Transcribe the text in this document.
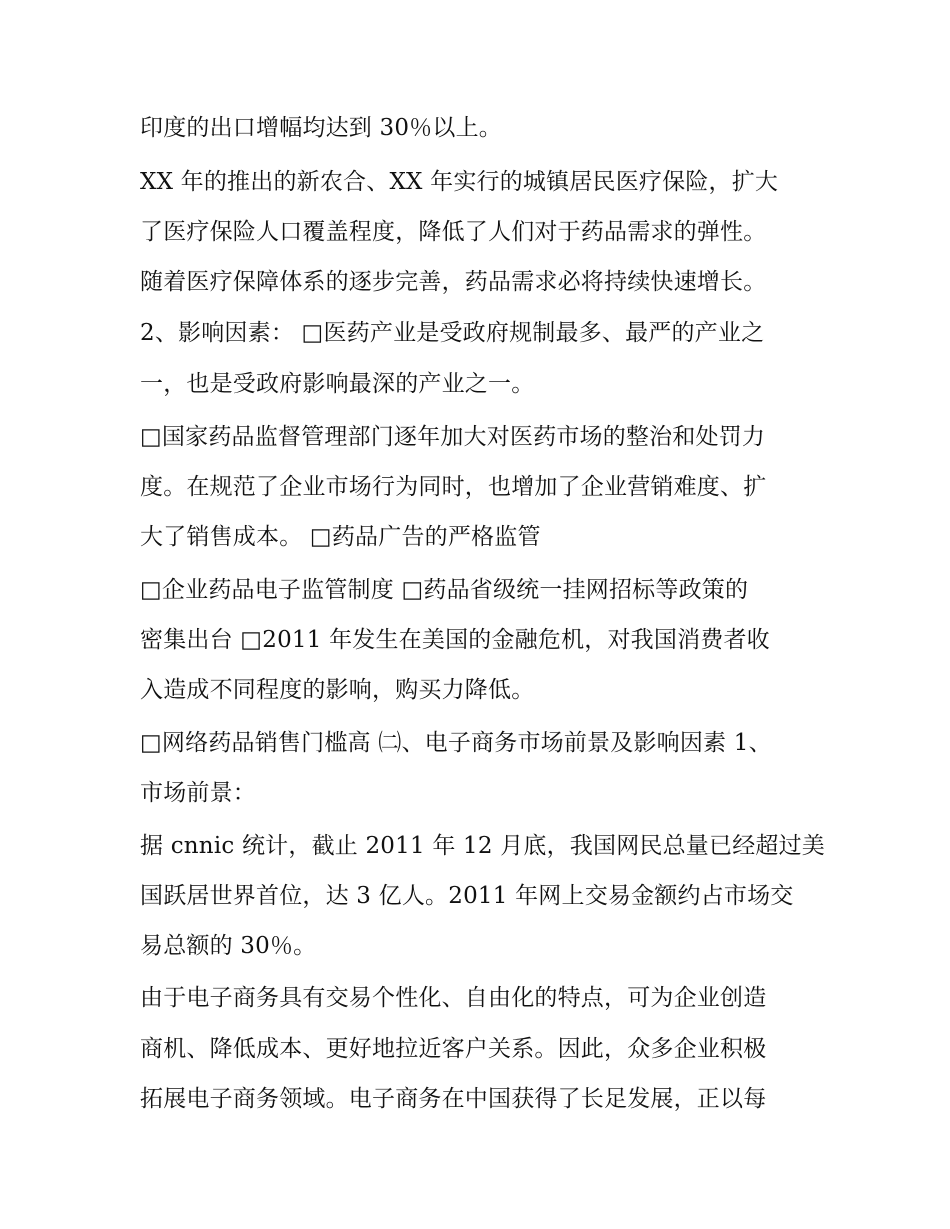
印度的出口增幅均达到 30％以上。
XX 年的推出的新农合、XX 年实行的城镇居民医疗保险，扩大
了医疗保险人口覆盖程度，降低了人们对于药品需求的弹性。
随着医疗保障体系的逐步完善，药品需求必将持续快速增长。
2、影响因素： □医药产业是受政府规制最多、最严的产业之
一，也是受政府影响最深的产业之一。
□国家药品监督管理部门逐年加大对医药市场的整治和处罚力
度。在规范了企业市场行为同时，也增加了企业营销难度、扩
大了销售成本。 □药品广告的严格监管
□企业药品电子监管制度 □药品省级统一挂网招标等政策的
密集出台 □2011 年发生在美国的金融危机，对我国消费者收
入造成不同程度的影响，购买力降低。
□网络药品销售门槛高 ㈡、电子商务市场前景及影响因素 1、
市场前景：
据 cnnic 统计，截止 2011 年 12 月底，我国网民总量已经超过美
国跃居世界首位，达 3 亿人。2011 年网上交易金额约占市场交
易总额的 30％。
由于电子商务具有交易个性化、自由化的特点，可为企业创造
商机、降低成本、更好地拉近客户关系。因此，众多企业积极
拓展电子商务领域。电子商务在中国获得了长足发展，正以每
